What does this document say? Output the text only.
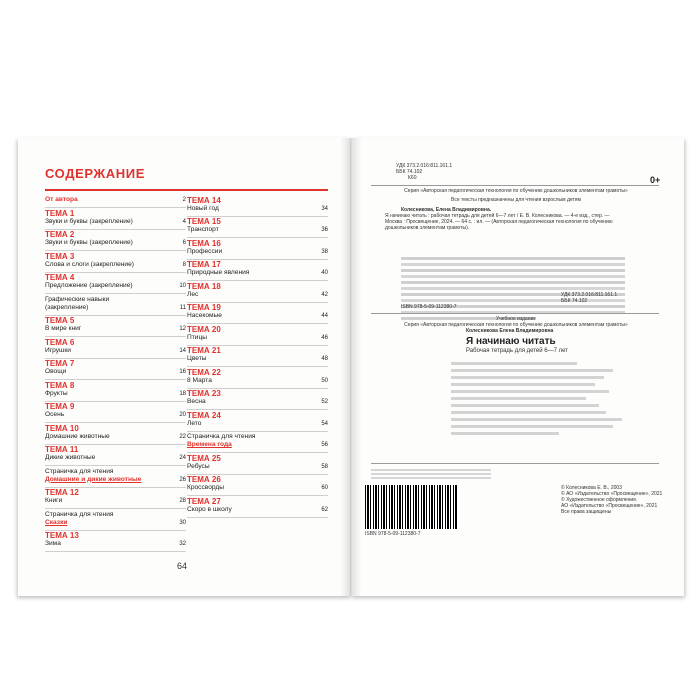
СОДЕРЖАНИЕ
От автора	2
ТЕМА 1
Звуки и буквы (закрепление)	4
ТЕМА 2
Звуки и буквы (закрепление)	6
ТЕМА 3
Слова и слоги (закрепление)	8
ТЕМА 4
Предложение (закрепление)	10
Графические навыки
(закрепление)	11
ТЕМА 5
В мире книг	12
ТЕМА 6
Игрушки	14
ТЕМА 7
Овощи	16
ТЕМА 8
Фрукты	18
ТЕМА 9
Осень	20
ТЕМА 10
Домашние животные	22
ТЕМА 11
Дикие животные	24
Страничка для чтения
Домашние и дикие животные	26
ТЕМА 12
Книги	28
Страничка для чтения
Сказки	30
ТЕМА 13
Зима	32
ТЕМА 14
Новый год	34
ТЕМА 15
Транспорт	36
ТЕМА 16
Профессии	38
ТЕМА 17
Природные явления	40
ТЕМА 18
Лес	42
ТЕМА 19
Насекомые	44
ТЕМА 20
Птицы	46
ТЕМА 21
Цветы	48
ТЕМА 22
8 Марта	50
ТЕМА 23
Весна	52
ТЕМА 24
Лето	54
Страничка для чтения
Времена года	56
ТЕМА 25
Ребусы	58
ТЕМА 26
Кроссворды	60
ТЕМА 27
Скоро в школу	62
64
УДК 373.2.016:811.161.1
ББК 74.102
К60	0+
Серия «Авторская педагогическая технология по обучению дошкольников элементам грамоты»
Все тексты предназначены для чтения взрослым детям
Колесникова, Елена Владимировна.
Я начинаю читать : рабочая тетрадь для детей 6—7 лет / Е. В. Колесникова. — 4-е изд., стер. — Москва : Просвещение, 2024. — 64 с. : ил. — (Авторская педагогическая технология по обучению дошкольников элементам грамоты).
УДК 373.2.016:811.161.1
ББК 74.102
ISBN 978-5-09-112380-7
Учебное издание
Серия «Авторская педагогическая технология по обучению дошкольников элементам грамоты»
Колесникова Елена Владимировна
Я начинаю читать
Рабочая тетрадь для детей 6—7 лет
ISBN 978-5-09-112380-7
© Колесникова Е. В., 2003
© АО «Издательство «Просвещение», 2021
© Художественное оформление.
АО «Издательство «Просвещение», 2021
Все права защищены
